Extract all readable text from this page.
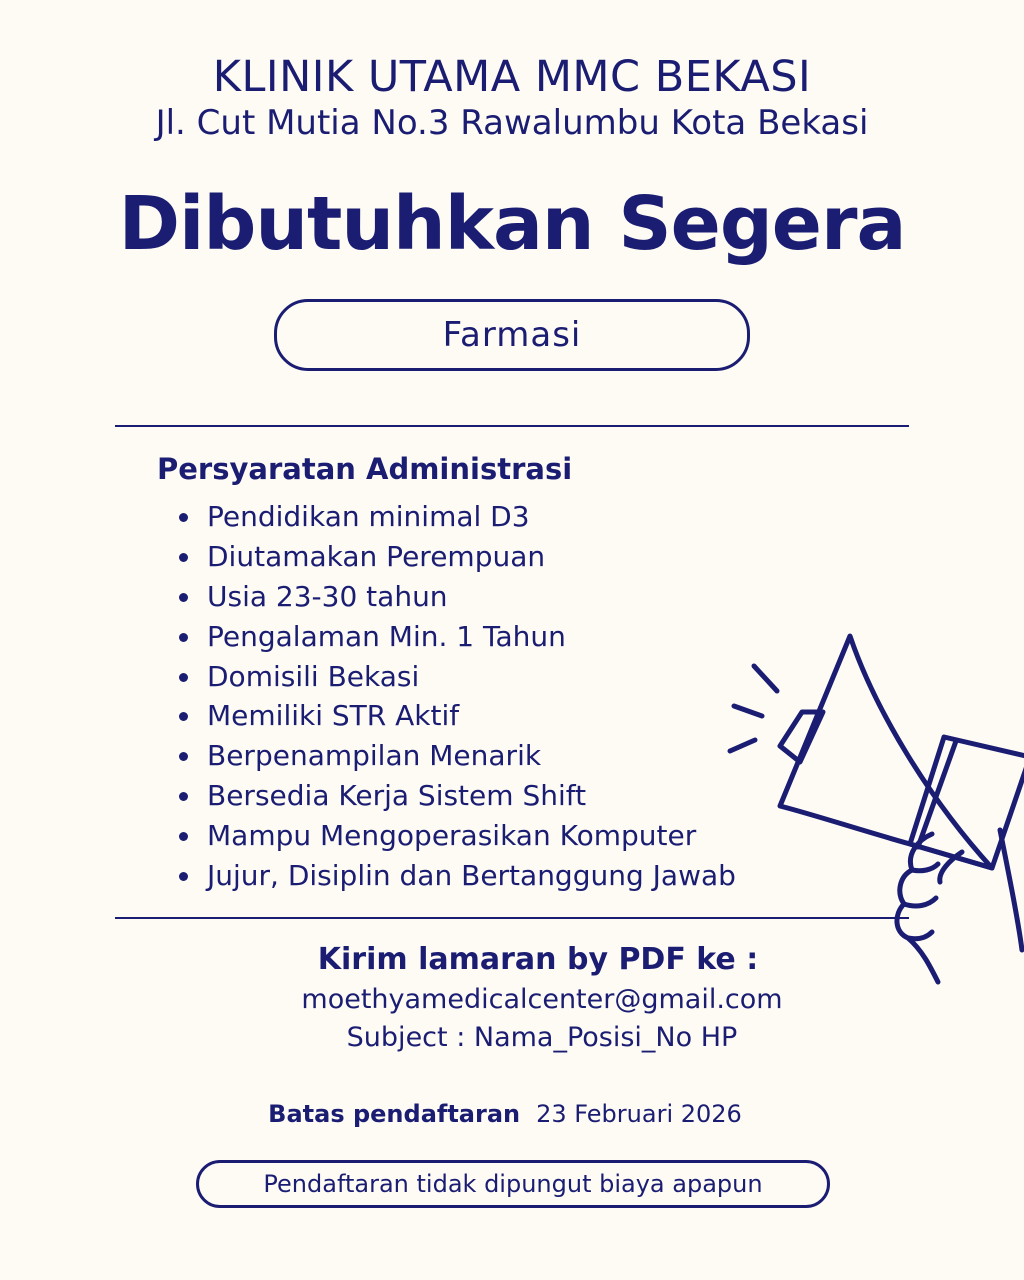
KLINIK UTAMA MMC BEKASI
Jl. Cut Mutia No.3 Rawalumbu Kota Bekasi
Dibutuhkan Segera
Farmasi
Persyaratan Administrasi
Pendidikan minimal D3
Diutamakan Perempuan
Usia 23-30 tahun
Pengalaman Min. 1 Tahun
Domisili Bekasi
Memiliki STR Aktif
Berpenampilan Menarik
Bersedia Kerja Sistem Shift
Mampu Mengoperasikan Komputer
Jujur, Disiplin dan Bertanggung Jawab
Kirim lamaran by PDF ke :
moethyamedicalcenter@gmail.com
Subject : Nama_Posisi_No HP
Batas pendaftaran 23 Februari 2026
Pendaftaran tidak dipungut biaya apapun
